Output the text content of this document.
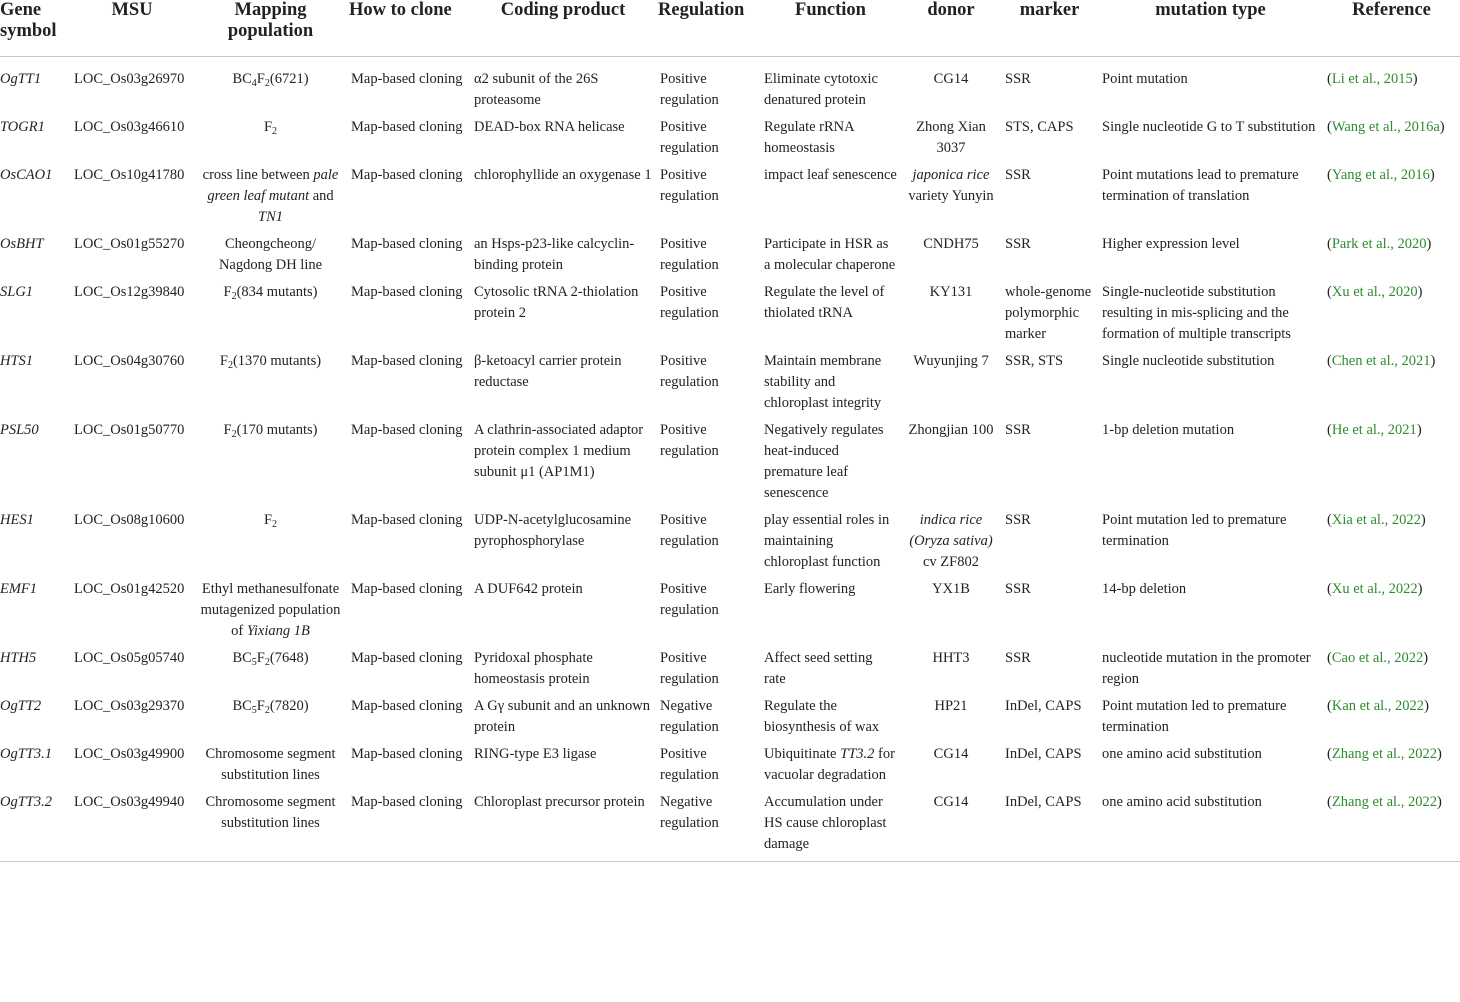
Gene symbol	MSU	Mapping population	How to clone	Coding product	Regulation	Function	donor	marker	mutation type	Reference
OgTT1	LOC_Os03g26970	$BC_4F_2(6721)$	Map-based cloning	α2 subunit of the 26S proteasome	Positive regulation	Eliminate cytotoxic denatured protein	CG14	SSR	Point mutation	(Li et al., 2015)
TOGR1	LOC_Os03g46610	$F_2$	Map-based cloning	DEAD-box RNA helicase	Positive regulation	Regulate rRNA homeostasis	Zhong Xian 3037	STS, CAPS	Single nucleotide G to T substitution	(Wang et al., 2016a)
OsCAO1	LOC_Os10g41780	cross line between pale green leaf mutant and TN1	Map-based cloning	chlorophyllide an oxygenase 1	Positive regulation	impact leaf senescence	japonica rice variety Yunyin	SSR	Point mutations lead to premature termination of translation	(Yang et al., 2016)
OsBHT	LOC_Os01g55270	Cheongcheong/ Nagdong DH line	Map-based cloning	an Hsps-p23-like calcyclin-binding protein	Positive regulation	Participate in HSR as a molecular chaperone	CNDH75	SSR	Higher expression level	(Park et al., 2020)
SLG1	LOC_Os12g39840	$F_2(834$ mutants)	Map-based cloning	Cytosolic tRNA 2-thiolation protein 2	Positive regulation	Regulate the level of thiolated tRNA	KY131	whole-genome polymorphic marker	Single-nucleotide substitution resulting in mis-splicing and the formation of multiple transcripts	(Xu et al., 2020)
HTS1	LOC_Os04g30760	$F_2(1370$ mutants)	Map-based cloning	β-ketoacyl carrier protein reductase	Positive regulation	Maintain membrane stability and chloroplast integrity	Wuyunjing 7	SSR, STS	Single nucleotide substitution	(Chen et al., 2021)
PSL50	LOC_Os01g50770	$F_2(170$ mutants)	Map-based cloning	A clathrin-associated adaptor protein complex 1 medium subunit μ1 (AP1M1)	Positive regulation	Negatively regulates heat-induced premature leaf senescence	Zhongjian 100	SSR	1-bp deletion mutation	(He et al., 2021)
HES1	LOC_Os08g10600	$F_2$	Map-based cloning	UDP-N-acetylglucosamine pyrophosphorylase	Positive regulation	play essential roles in maintaining chloroplast function	indica rice (Oryza sativa) cv ZF802	SSR	Point mutation led to premature termination	(Xia et al., 2022)
EMF1	LOC_Os01g42520	Ethyl methanesulfonate mutagenized population of Yixiang 1B	Map-based cloning	A DUF642 protein	Positive regulation	Early flowering	YX1B	SSR	14-bp deletion	(Xu et al., 2022)
HTH5	LOC_Os05g05740	$BC_5F_2(7648)$	Map-based cloning	Pyridoxal phosphate homeostasis protein	Positive regulation	Affect seed setting rate	HHT3	SSR	nucleotide mutation in the promoter region	(Cao et al., 2022)
OgTT2	LOC_Os03g29370	$BC_5F_2(7820)$	Map-based cloning	A Gγ subunit and an unknown protein	Negative regulation	Regulate the biosynthesis of wax	HP21	InDel, CAPS	Point mutation led to premature termination	(Kan et al., 2022)
OgTT3.1	LOC_Os03g49900	Chromosome segment substitution lines	Map-based cloning	RING-type E3 ligase	Positive regulation	Ubiquitinate TT3.2 for vacuolar degradation	CG14	InDel, CAPS	one amino acid substitution	(Zhang et al., 2022)
OgTT3.2	LOC_Os03g49940	Chromosome segment substitution lines	Map-based cloning	Chloroplast precursor protein	Negative regulation	Accumulation under HS cause chloroplast damage	CG14	InDel, CAPS	one amino acid substitution	(Zhang et al., 2022)
